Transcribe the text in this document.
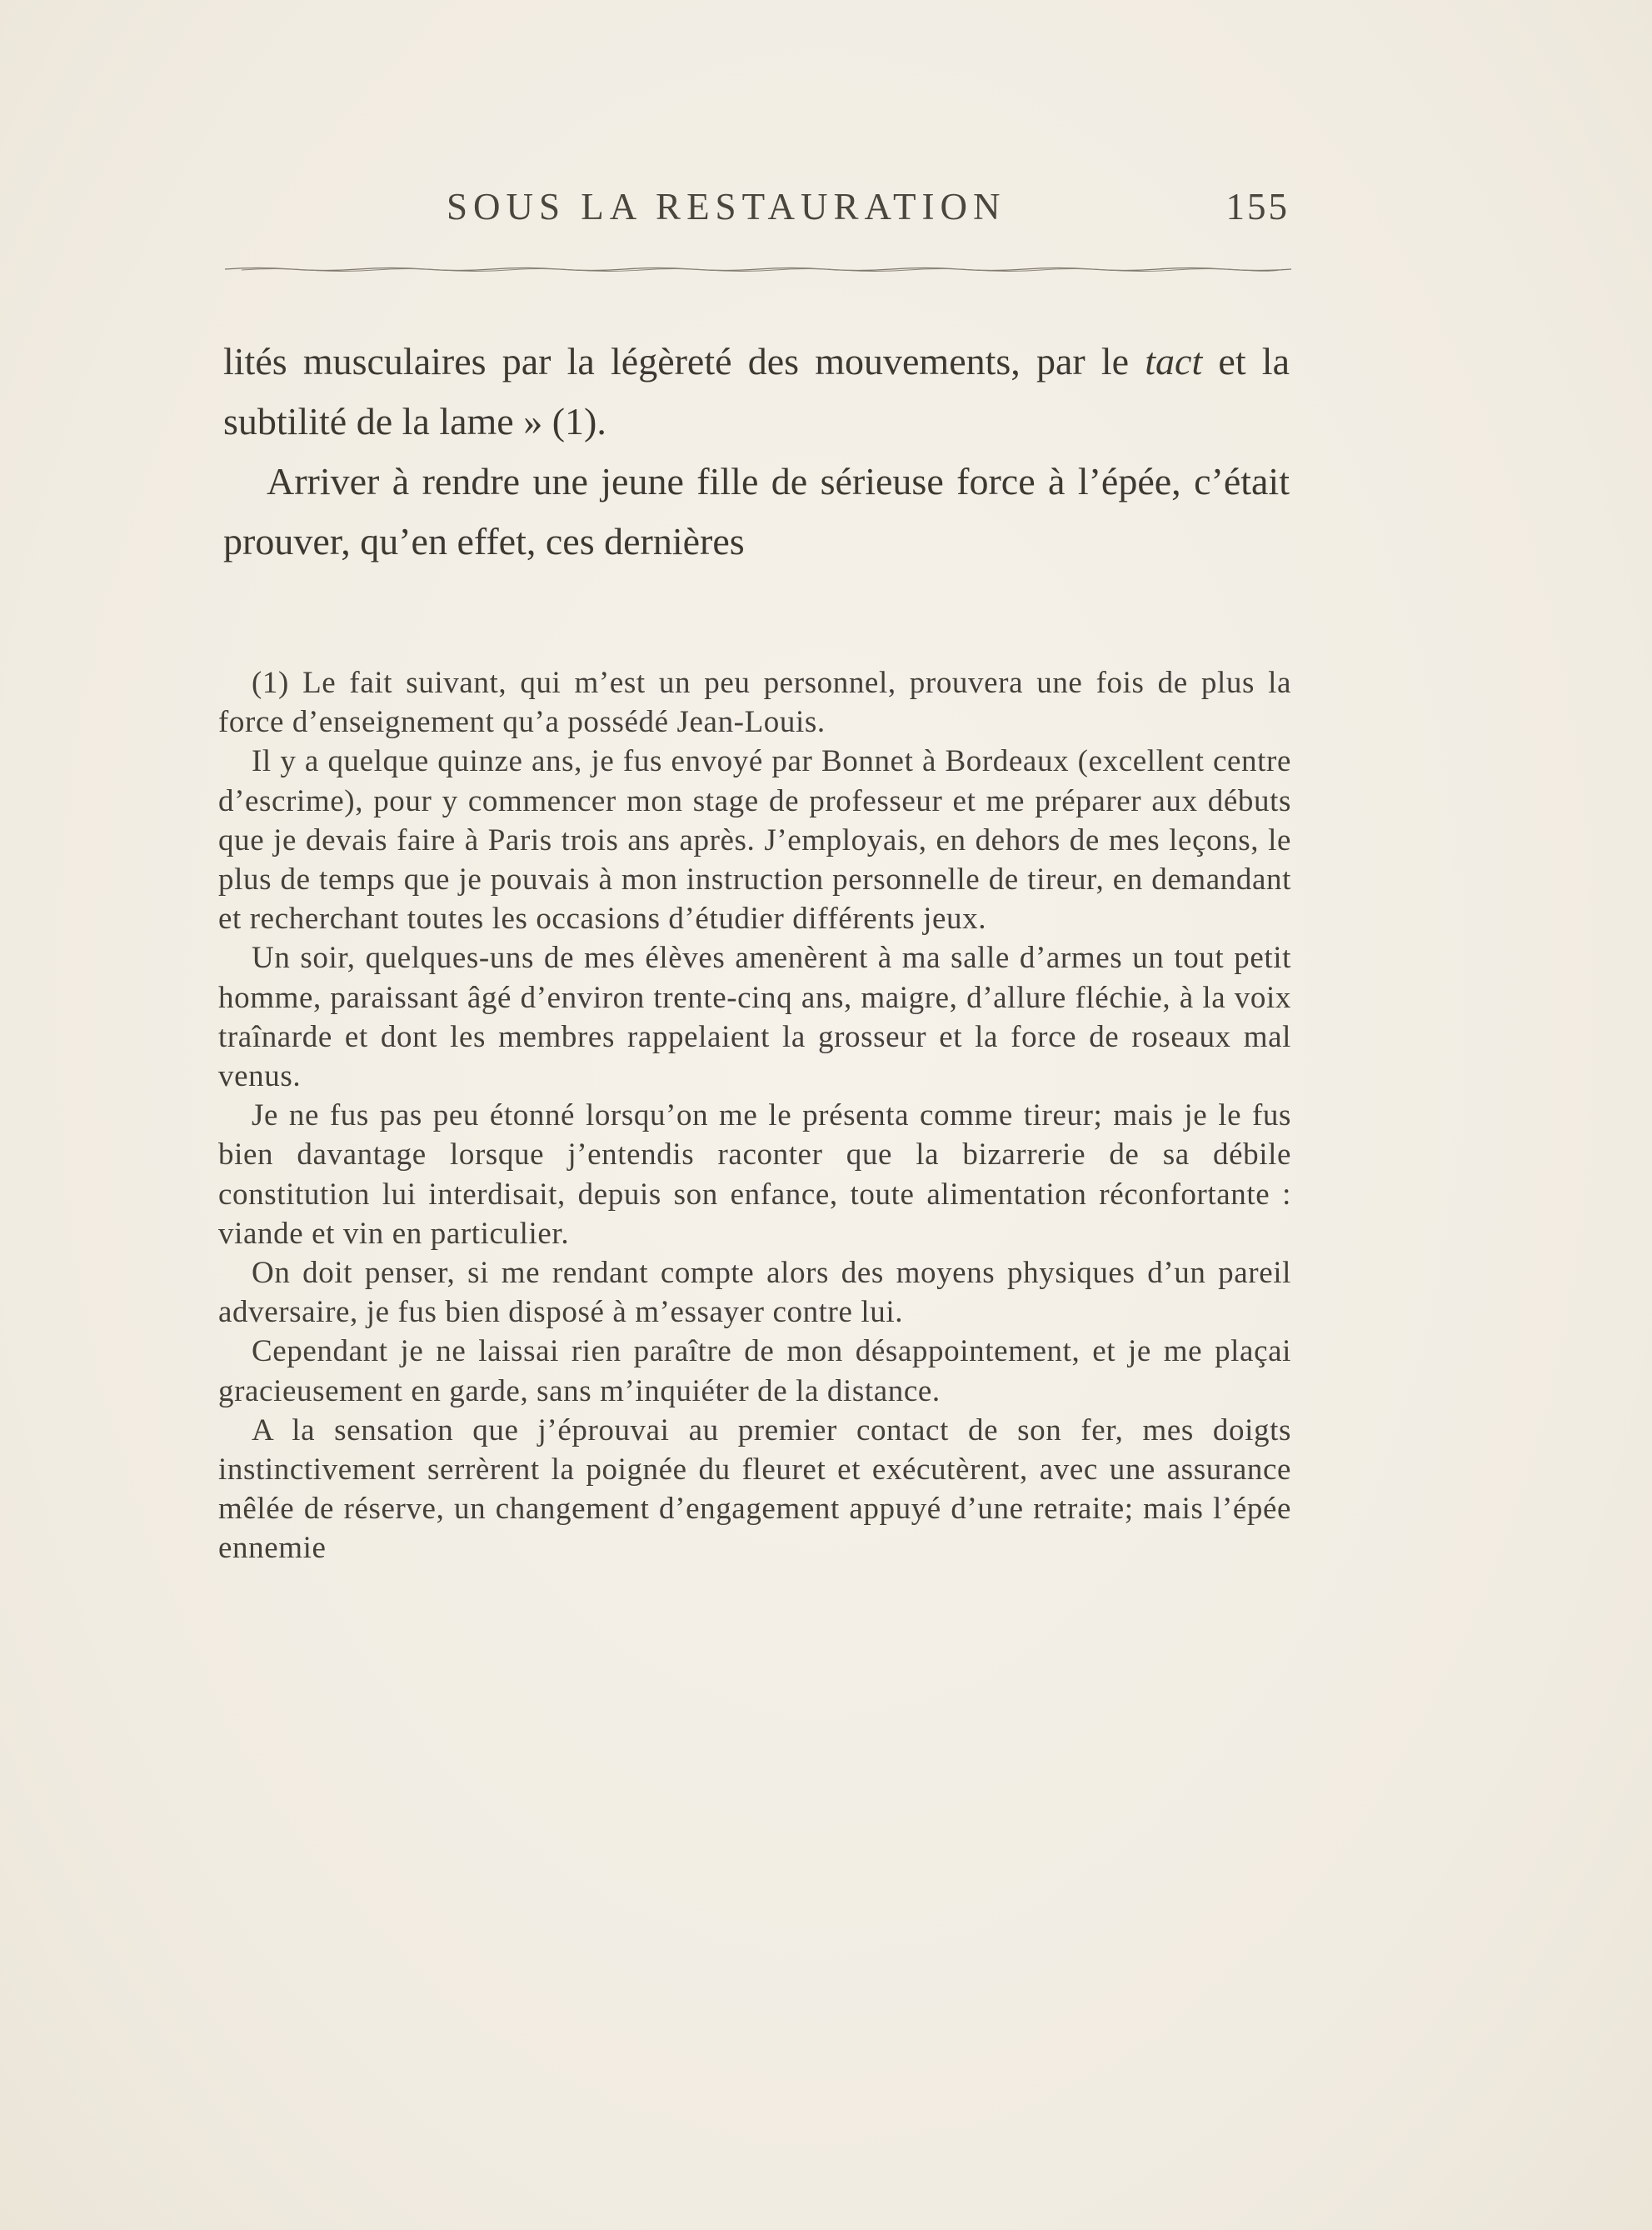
SOUS LA RESTAURATION	155

lités musculaires par la légèreté des mouvements, par le tact et la subtilité de la lame » (1).

Arriver à rendre une jeune fille de sérieuse force à l’épée, c’était prouver, qu’en effet, ces dernières

(1) Le fait suivant, qui m’est un peu personnel, prouvera une fois de plus la force d’enseignement qu’a possédé Jean-Louis.

Il y a quelque quinze ans, je fus envoyé par Bonnet à Bordeaux (excellent centre d’escrime), pour y commencer mon stage de professeur et me préparer aux débuts que je devais faire à Paris trois ans après. J’employais, en dehors de mes leçons, le plus de temps que je pouvais à mon instruction personnelle de tireur, en demandant et recherchant toutes les occasions d’étudier différents jeux.

Un soir, quelques-uns de mes élèves amenèrent à ma salle d’armes un tout petit homme, paraissant âgé d’environ trente-cinq ans, maigre, d’allure fléchie, à la voix traînarde et dont les membres rappelaient la grosseur et la force de roseaux mal venus.

Je ne fus pas peu étonné lorsqu’on me le présenta comme tireur; mais je le fus bien davantage lorsque j’entendis raconter que la bizarrerie de sa débile constitution lui interdisait, depuis son enfance, toute alimentation réconfortante : viande et vin en particulier.

On doit penser, si me rendant compte alors des moyens physiques d’un pareil adversaire, je fus bien disposé à m’essayer contre lui.

Cependant je ne laissai rien paraître de mon désappointement, et je me plaçai gracieusement en garde, sans m’inquiéter de la distance.

A la sensation que j’éprouvai au premier contact de son fer, mes doigts instinctivement serrèrent la poignée du fleuret et exécutèrent, avec une assurance mêlée de réserve, un changement d’engagement appuyé d’une retraite; mais l’épée ennemie
